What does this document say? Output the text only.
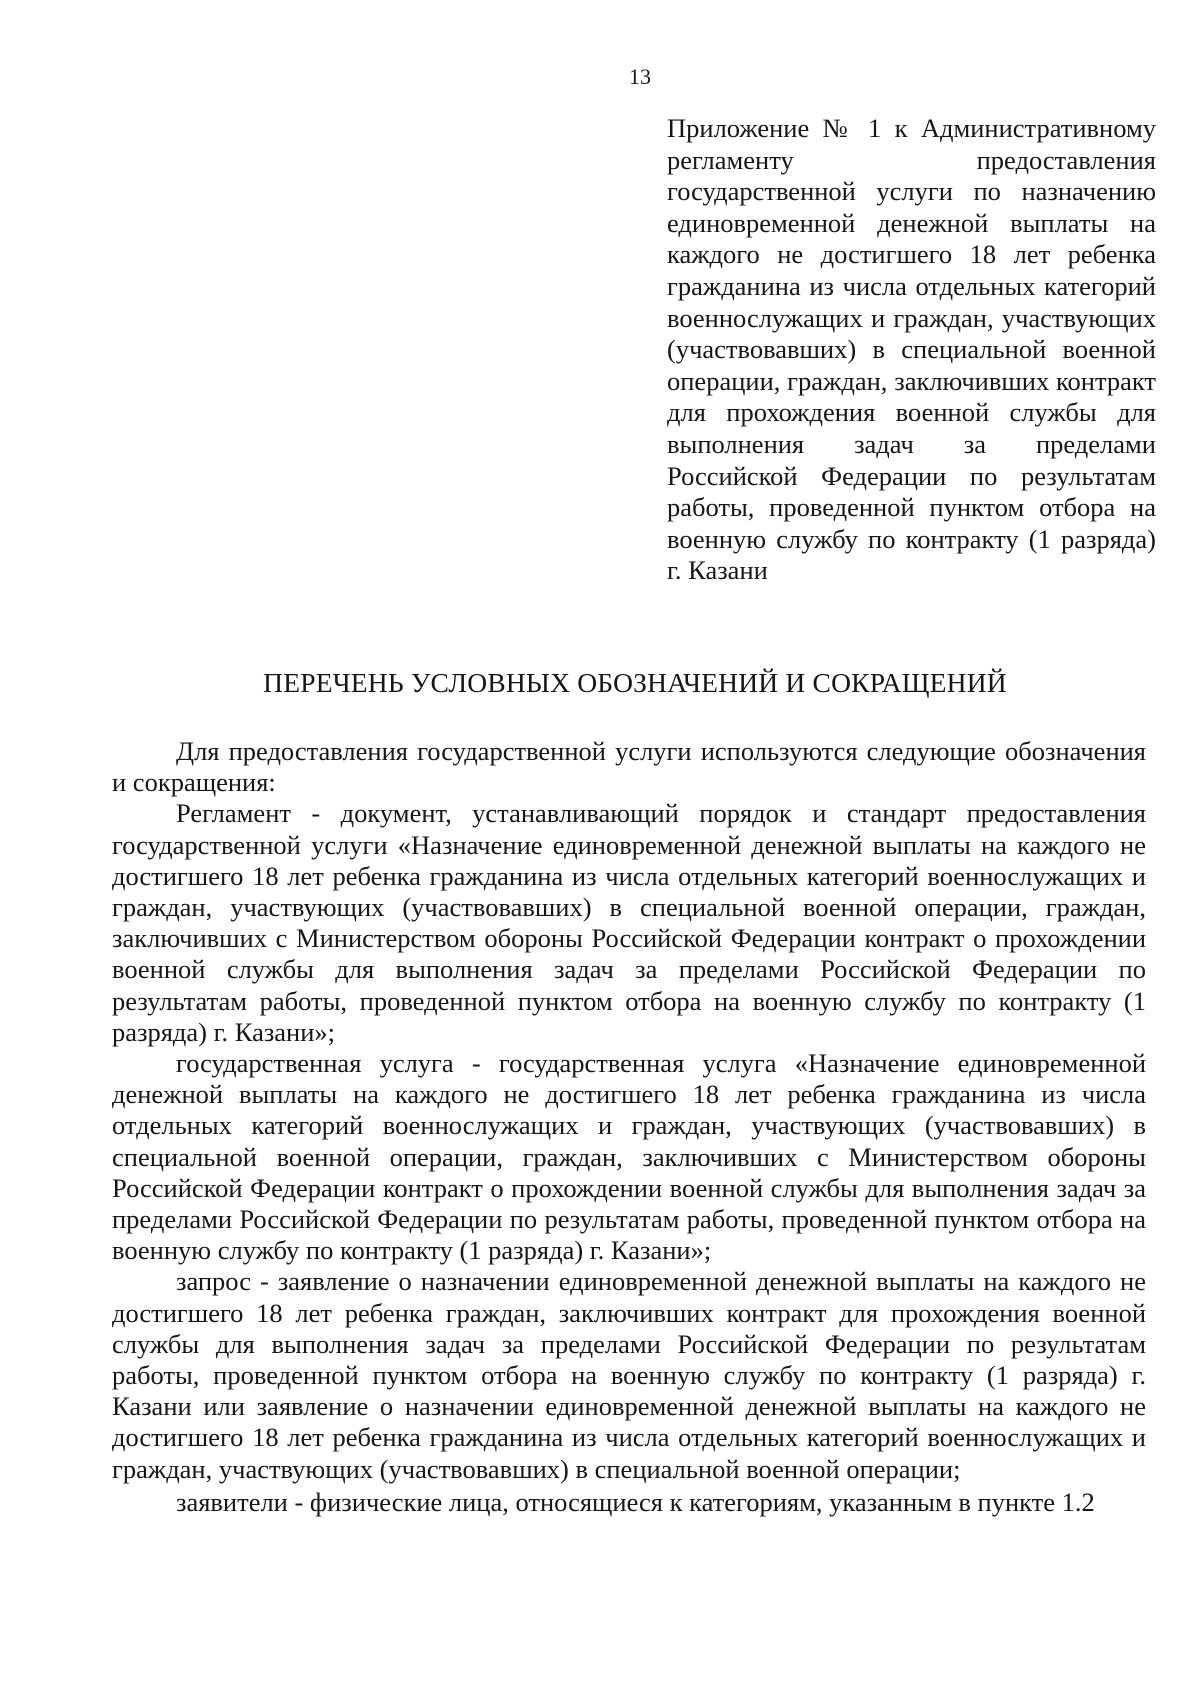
13

Приложение № 1 к Административному регламенту предоставления государственной услуги по назначению единовременной денежной выплаты на каждого не достигшего 18 лет ребенка гражданина из числа отдельных категорий военнослужащих и граждан, участвующих (участвовавших) в специальной военной операции, граждан, заключивших контракт для прохождения военной службы для выполнения задач за пределами Российской Федерации по результатам работы, проведенной пунктом отбора на военную службу по контракту (1 разряда) г. Казани

ПЕРЕЧЕНЬ УСЛОВНЫХ ОБОЗНАЧЕНИЙ И СОКРАЩЕНИЙ

Для предоставления государственной услуги используются следующие обозначения и сокращения:

Регламент - документ, устанавливающий порядок и стандарт предоставления государственной услуги «Назначение единовременной денежной выплаты на каждого не достигшего 18 лет ребенка гражданина из числа отдельных категорий военнослужащих и граждан, участвующих (участвовавших) в специальной военной операции, граждан, заключивших с Министерством обороны Российской Федерации контракт о прохождении военной службы для выполнения задач за пределами Российской Федерации по результатам работы, проведенной пунктом отбора на военную службу по контракту (1 разряда) г. Казани»;

государственная услуга - государственная услуга «Назначение единовременной денежной выплаты на каждого не достигшего 18 лет ребенка гражданина из числа отдельных категорий военнослужащих и граждан, участвующих (участвовавших) в специальной военной операции, граждан, заключивших с Министерством обороны Российской Федерации контракт о прохождении военной службы для выполнения задач за пределами Российской Федерации по результатам работы, проведенной пунктом отбора на военную службу по контракту (1 разряда) г. Казани»;

запрос - заявление о назначении единовременной денежной выплаты на каждого не достигшего 18 лет ребенка граждан, заключивших контракт для прохождения военной службы для выполнения задач за пределами Российской Федерации по результатам работы, проведенной пунктом отбора на военную службу по контракту (1 разряда) г. Казани или заявление о назначении единовременной денежной выплаты на каждого не достигшего 18 лет ребенка гражданина из числа отдельных категорий военнослужащих и граждан, участвующих (участвовавших) в специальной военной операции;

заявители - физические лица, относящиеся к категориям, указанным в пункте 1.2
